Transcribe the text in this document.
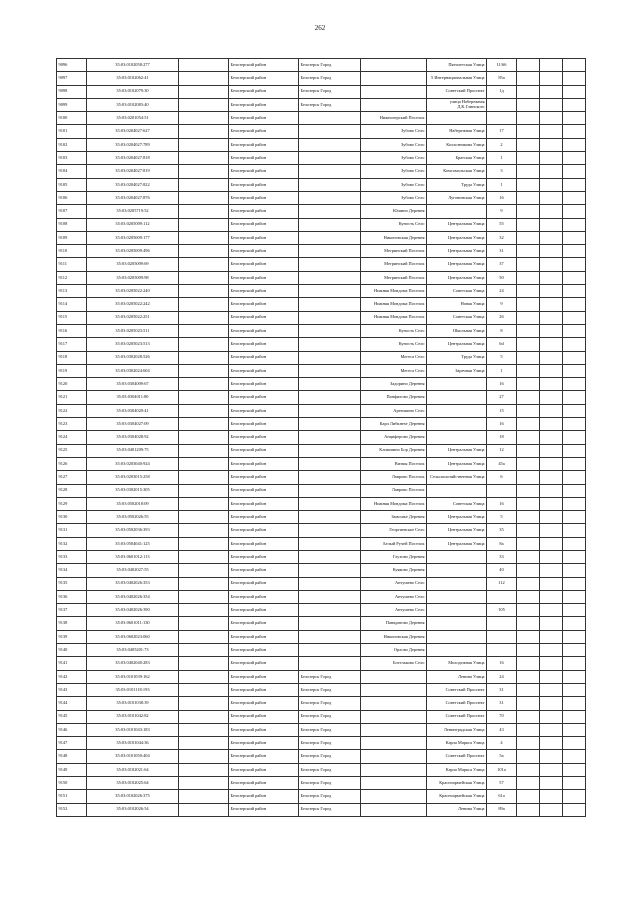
262
9096	35:03:0102058:277		Белозерский район	Белозерск Город		Пятилетская Улица	11/66			
9097	35:03:0102062:41		Белозерский район	Белозерск Город		5 Интернациональная Улица	85а			
9098	35:03:0102079:30		Белозерский район	Белозерск Город		Советский Проспект	1д			
9099	35:03:0102083:40		Белозерский район	Белозерск Город		улица Набережная Д.К.Глинского				
9100	35:03:0201054:51		Белозерский район		Нижнозерский Поселок					
9101	35:03:0204027:627		Белозерский район		Зубово Село	Набережная Улица	17			
9102	35:03:0204027:789		Белозерский район		Зубово Село	Колхозникова Улица	2			
9103	35:03:0204027:818		Белозерский район		Зубово Село	Братская Улица	1			
9104	35:03:0204027:819		Белозерский район		Зубово Село	Комсомольская Улица	3			
9105	35:03:0204027:822		Белозерский район		Зубово Село	Труда Улица	1			
9106	35:03:0204027:876		Белозерский район		Зубово Село	Луговинская Улица	16			
9107	35:03:0205719:52		Белозерский район		Юшино Деревня		9			
9108	35:03:0205009:112		Белозерский район		Куность Село	Центральная Улица	55			
9109	35:03:0205009:177		Белозерский район		Никоновская Деревня	Центральная Улица	32			
9110	35:03:0205009:496		Белозерский район		Мегринский Поселок	Центральная Улица	31			
9111	35:03:0205009:69		Белозерский район		Мегринский Поселок	Центральная Улица	37			
9112	35:03:0205009:98		Белозерский район		Мегринский Поселок	Центральная Улица	50			
9113	35:03:0205022:240		Белозерский район		Нижняя Мондома Поселок	Советская Улица	24			
9114	35:03:0205022:242		Белозерский район		Нижняя Мондома Поселок	Новая Улица	9			
9115	35:03:0205022:251		Белозерский район		Нижняя Мондома Поселок	Советская Улица	26			
9116	35:03:0205023:511		Белозерский район		Куность Село	Школьная Улица	8			
9117	35:03:0205023:513		Белозерский район		Куность Село	Центральная Улица	6d			
9118	35:03:0302028:526		Белозерский район		Мегеса Село	Труда Улица	5			
9119	35:03:0302024:604		Белозерский район		Мегеса Село	Заречная Улица	1			
9120	35:03:0304009:67		Белозерский район		Задорино Деревня		16			
9121	35:03:0304011:80		Белозерский район		Панфилово Деревня		27			
9122	35:03:0304020:41		Белозерский район		Артюшино Село		15			
9123	35:03:0304027:09		Белозерский район		Карл Либкнехт Деревня		16			
9124	35:03:0304028:92		Белозерский район		Анциферово Деревня		18			
9125	35:03:0401209:75		Белозерский район		Климшино Бор Деревня	Центральная Улица	12			
9126	35:03:0203040:924		Белозерский район		Визмы Поселок	Центральная Улица	45а			
9127	35:03:0203015:258		Белозерский район		Лаврово Поселок	Сельскохозяйственная Улица	6			
9128	35:03:0302015:305		Белозерский район		Лаврово Поселок					
9129	35:03:0502018:09		Белозерский район		Нижняя Мондома Поселок	Советская Улица	16			
9130	35:03:0502026:55		Белозерский район		Замошье Деревня	Центральная Улица	5			
9131	35:03:0502036:393		Белозерский район		Георгиевское Село	Центральная Улица	35			
9132	35:03:0504041:125		Белозерский район		Белый Ручей Поселок	Центральная Улица	8а			
9133	35:03:0601012:113		Белозерский район		Глухово Деревня		33			
9134	35:03:0402027:55		Белозерский район		Куяково Деревня		40			
9135	35:03:0402026:353		Белозерский район		Антушево Село		112			
9136	35:03:0402026:354		Белозерский район		Антушево Село					
9137	35:03:0402026:390		Белозерский район		Антушево Село		105			
9138	35:03:0601011:130		Белозерский район		Панкратово Деревня					
9139	35:03:0602023:060		Белозерский район		Никоновская Деревня					
9140	35:03:0405201:73		Белозерский район		Орлово Деревня					
9141	35:03:0402040:283		Белозерский район		Ботельково Село	Молодежная Улица	16			
9142	35:03:0101039:162		Белозерский район	Белозерск Город		Ленина Улица	24			
9143	35:03:0101118:193		Белозерский район	Белозерск Город		Советский Проспект	31			
9144	35:03:0101038:39		Белозерский район	Белозерск Город		Советский Проспект	31			
9145	35:03:0101042:82		Белозерский район	Белозерск Город		Советский Проспект	70			
9146	35:03:0101043:183		Белозерский район	Белозерск Город		Ленинградская Улица	43			
9147	35:03:0101044:36		Белозерский район	Белозерск Город		Карла Маркса Улица	4			
9148	35:03:0101050:404		Белозерский район	Белозерск Город		Советский Проспект	5а			
9149	35:03:0102021:64		Белозерский район	Белозерск Город		Карла Маркса Улица	101а			
9150	35:03:0102025:64		Белозерский район	Белозерск Город		Красноармейская Улица	57			
9151	35:03:0102026:375		Белозерский район	Белозерск Город		Красноармейская Улица	61а			
9152	35:03:0102026:54		Белозерский район	Белозерск Город		Ленина Улица	89а			
